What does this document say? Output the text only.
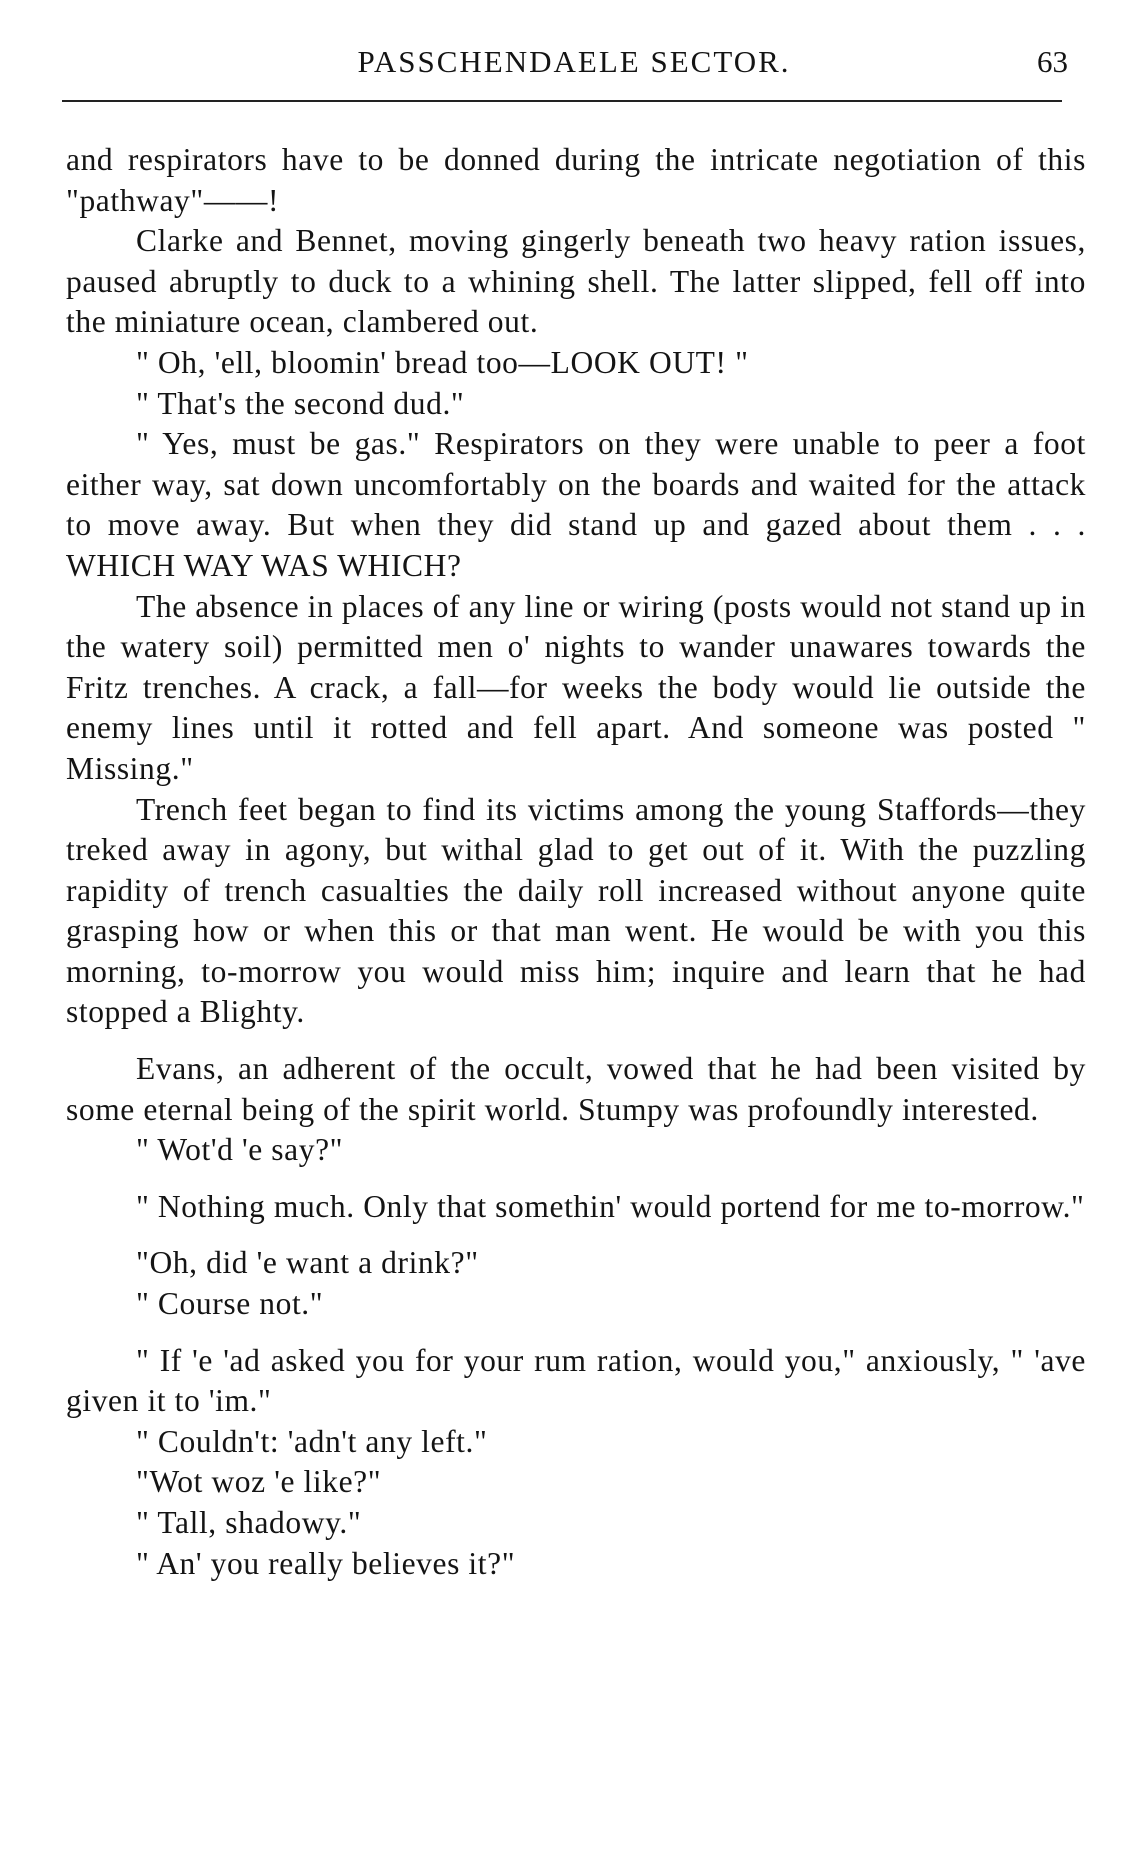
PASSCHENDAELE SECTOR.	63

and respirators have to be donned during the intricate negotiation of this "pathway"——!

Clarke and Bennet, moving gingerly beneath two heavy ration issues, paused abruptly to duck to a whining shell. The latter slipped, fell off into the miniature ocean, clambered out.

" Oh, 'ell, bloomin' bread too—LOOK OUT! "

" That's the second dud."

" Yes, must be gas." Respirators on they were unable to peer a foot either way, sat down uncomfortably on the boards and waited for the attack to move away. But when they did stand up and gazed about them . . . WHICH WAY WAS WHICH?

The absence in places of any line or wiring (posts would not stand up in the watery soil) permitted men o' nights to wander unawares towards the Fritz trenches. A crack, a fall—for weeks the body would lie outside the enemy lines until it rotted and fell apart. And someone was posted " Missing."

Trench feet began to find its victims among the young Staffords—they treked away in agony, but withal glad to get out of it. With the puzzling rapidity of trench casualties the daily roll increased without anyone quite grasping how or when this or that man went. He would be with you this morning, to-morrow you would miss him; inquire and learn that he had stopped a Blighty.

Evans, an adherent of the occult, vowed that he had been visited by some eternal being of the spirit world. Stumpy was profoundly interested.

" Wot'd 'e say?"

" Nothing much. Only that somethin' would portend for me to-morrow."

"Oh, did 'e want a drink?"

" Course not."

" If 'e 'ad asked you for your rum ration, would you," anxiously, " 'ave given it to 'im."

" Couldn't: 'adn't any left."

"Wot woz 'e like?"

" Tall, shadowy."

" An' you really believes it?"
